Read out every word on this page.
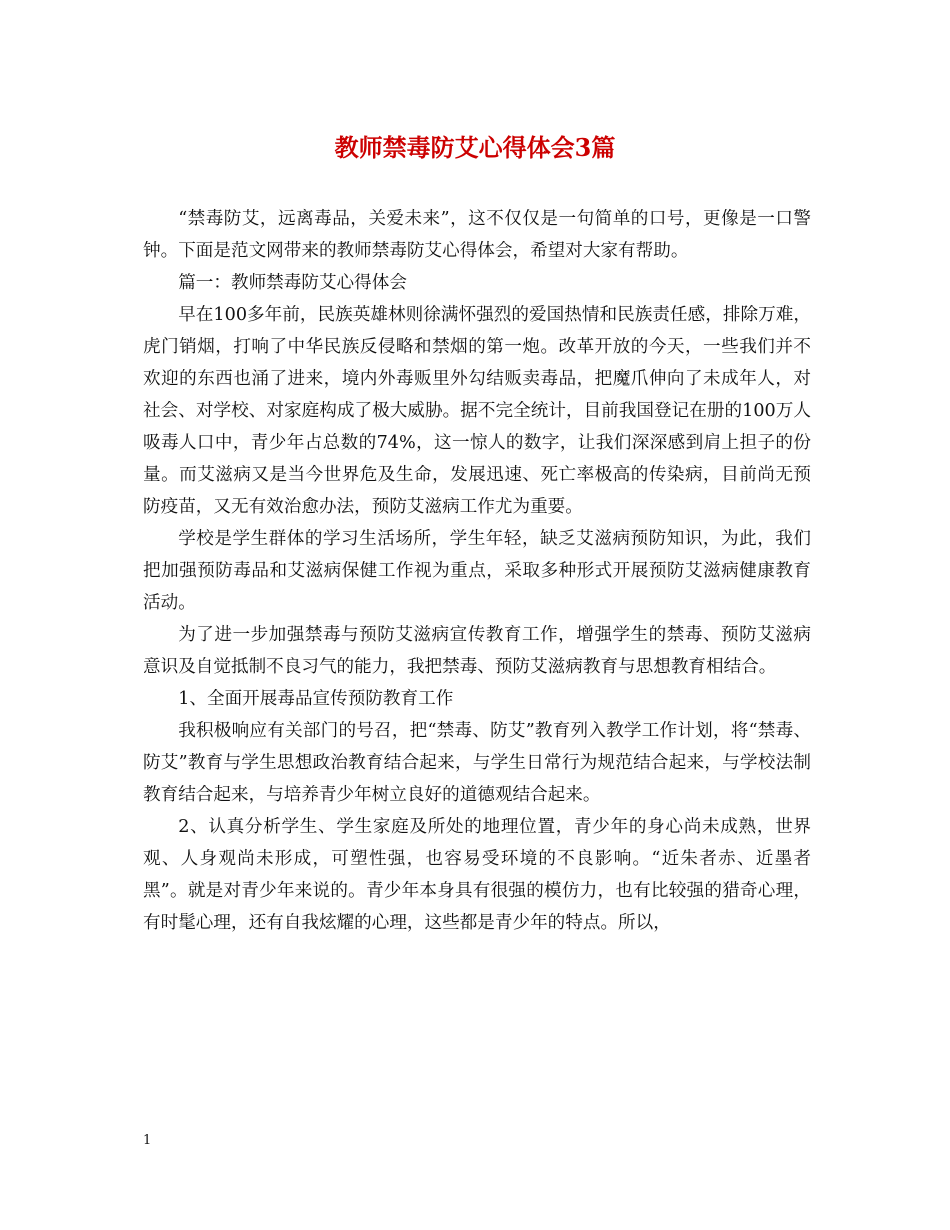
教师禁毒防艾心得体会3篇

“禁毒防艾，远离毒品，关爱未来”，这不仅仅是一句简单的口号，更像是一口警钟。下面是范文网带来的教师禁毒防艾心得体会，希望对大家有帮助。

篇一：教师禁毒防艾心得体会

早在100多年前，民族英雄林则徐满怀强烈的爱国热情和民族责任感，排除万难，虎门销烟，打响了中华民族反侵略和禁烟的第一炮。改革开放的今天，一些我们并不欢迎的东西也涌了进来，境内外毒贩里外勾结贩卖毒品，把魔爪伸向了未成年人，对社会、对学校、对家庭构成了极大威胁。据不完全统计，目前我国登记在册的100万人吸毒人口中，青少年占总数的74%，这一惊人的数字，让我们深深感到肩上担子的份量。而艾滋病又是当今世界危及生命，发展迅速、死亡率极高的传染病，目前尚无预防疫苗，又无有效治愈办法，预防艾滋病工作尤为重要。

学校是学生群体的学习生活场所，学生年轻，缺乏艾滋病预防知识，为此，我们把加强预防毒品和艾滋病保健工作视为重点，采取多种形式开展预防艾滋病健康教育活动。

为了进一步加强禁毒与预防艾滋病宣传教育工作，增强学生的禁毒、预防艾滋病意识及自觉抵制不良习气的能力，我把禁毒、预防艾滋病教育与思想教育相结合。

1、全面开展毒品宣传预防教育工作

我积极响应有关部门的号召，把“禁毒、防艾”教育列入教学工作计划，将“禁毒、防艾”教育与学生思想政治教育结合起来，与学生日常行为规范结合起来，与学校法制教育结合起来，与培养青少年树立良好的道德观结合起来。

2、认真分析学生、学生家庭及所处的地理位置，青少年的身心尚未成熟，世界观、人身观尚未形成，可塑性强，也容易受环境的不良影响。“近朱者赤、近墨者黑”。就是对青少年来说的。青少年本身具有很强的模仿力，也有比较强的猎奇心理，有时髦心理，还有自我炫耀的心理，这些都是青少年的特点。所以，

1
